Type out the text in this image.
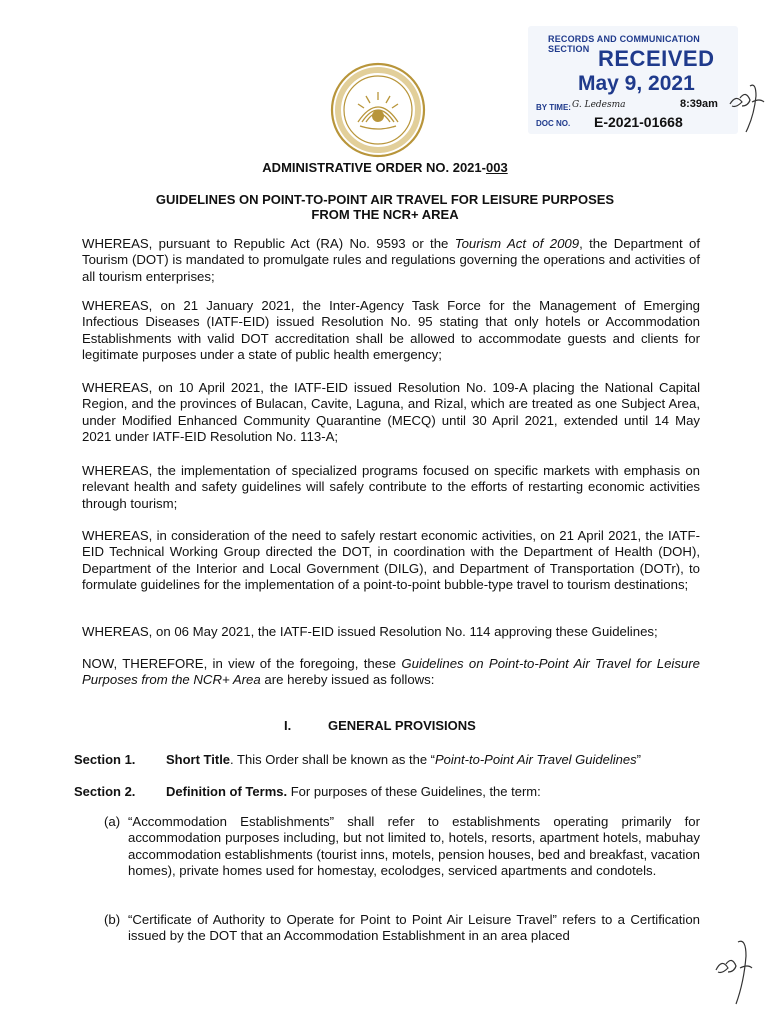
RECORDS AND COMMUNICATION SECTION RECEIVED
May 9, 2021
BY TIME: G. Ledesma	8:39am
DOC NO. E-2021-01668
ADMINISTRATIVE ORDER NO. 2021-003
GUIDELINES ON POINT-TO-POINT AIR TRAVEL FOR LEISURE PURPOSES
FROM THE NCR+ AREA

WHEREAS, pursuant to Republic Act (RA) No. 9593 or the Tourism Act of 2009, the Department of Tourism (DOT) is mandated to promulgate rules and regulations governing the operations and activities of all tourism enterprises;

WHEREAS, on 21 January 2021, the Inter-Agency Task Force for the Management of Emerging Infectious Diseases (IATF-EID) issued Resolution No. 95 stating that only hotels or Accommodation Establishments with valid DOT accreditation shall be allowed to accommodate guests and clients for legitimate purposes under a state of public health emergency;

WHEREAS, on 10 April 2021, the IATF-EID issued Resolution No. 109-A placing the National Capital Region, and the provinces of Bulacan, Cavite, Laguna, and Rizal, which are treated as one Subject Area, under Modified Enhanced Community Quarantine (MECQ) until 30 April 2021, extended until 14 May 2021 under IATF-EID Resolution No. 113-A;

WHEREAS, the implementation of specialized programs focused on specific markets with emphasis on relevant health and safety guidelines will safely contribute to the efforts of restarting economic activities through tourism;

WHEREAS, in consideration of the need to safely restart economic activities, on 21 April 2021, the IATF-EID Technical Working Group directed the DOT, in coordination with the Department of Health (DOH), Department of the Interior and Local Government (DILG), and Department of Transportation (DOTr), to formulate guidelines for the implementation of a point-to-point bubble-type travel to tourism destinations;

WHEREAS, on 06 May 2021, the IATF-EID issued Resolution No. 114 approving these Guidelines;

NOW, THEREFORE, in view of the foregoing, these Guidelines on Point-to-Point Air Travel for Leisure Purposes from the NCR+ Area are hereby issued as follows:

I.	GENERAL PROVISIONS
Section 1. Short Title. This Order shall be known as the “Point-to-Point Air Travel Guidelines”
Section 2. Definition of Terms. For purposes of these Guidelines, the term:
(a) “Accommodation Establishments” shall refer to establishments operating primarily for accommodation purposes including, but not limited to, hotels, resorts, apartment hotels, mabuhay accommodation establishments (tourist inns, motels, pension houses, bed and breakfast, vacation homes), private homes used for homestay, ecolodges, serviced apartments and condotels.
(b) “Certificate of Authority to Operate for Point to Point Air Leisure Travel” refers to a Certification issued by the DOT that an Accommodation Establishment in an area placed
